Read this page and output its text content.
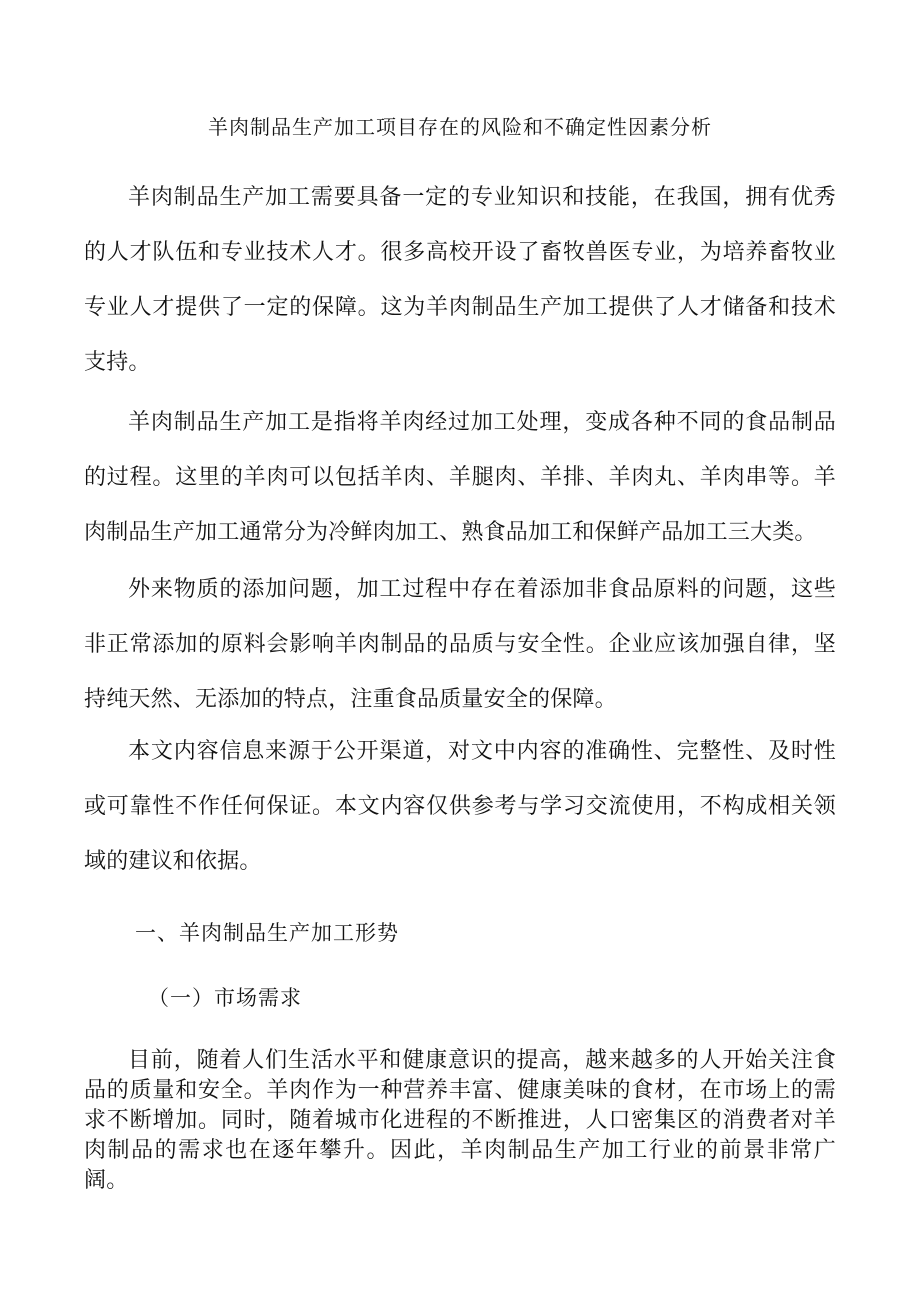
羊肉制品生产加工项目存在的风险和不确定性因素分析

羊肉制品生产加工需要具备一定的专业知识和技能，在我国，拥有优秀的人才队伍和专业技术人才。很多高校开设了畜牧兽医专业，为培养畜牧业专业人才提供了一定的保障。这为羊肉制品生产加工提供了人才储备和技术支持。

羊肉制品生产加工是指将羊肉经过加工处理，变成各种不同的食品制品的过程。这里的羊肉可以包括羊肉、羊腿肉、羊排、羊肉丸、羊肉串等。羊肉制品生产加工通常分为冷鲜肉加工、熟食品加工和保鲜产品加工三大类。

外来物质的添加问题，加工过程中存在着添加非食品原料的问题，这些非正常添加的原料会影响羊肉制品的品质与安全性。企业应该加强自律，坚持纯天然、无添加的特点，注重食品质量安全的保障。

本文内容信息来源于公开渠道，对文中内容的准确性、完整性、及时性或可靠性不作任何保证。本文内容仅供参考与学习交流使用，不构成相关领域的建议和依据。

一、羊肉制品生产加工形势
（一）市场需求

目前，随着人们生活水平和健康意识的提高，越来越多的人开始关注食品的质量和安全。羊肉作为一种营养丰富、健康美味的食材，在市场上的需求不断增加。同时，随着城市化进程的不断推进，人口密集区的消费者对羊肉制品的需求也在逐年攀升。因此，羊肉制品生产加工行业的前景非常广阔。
